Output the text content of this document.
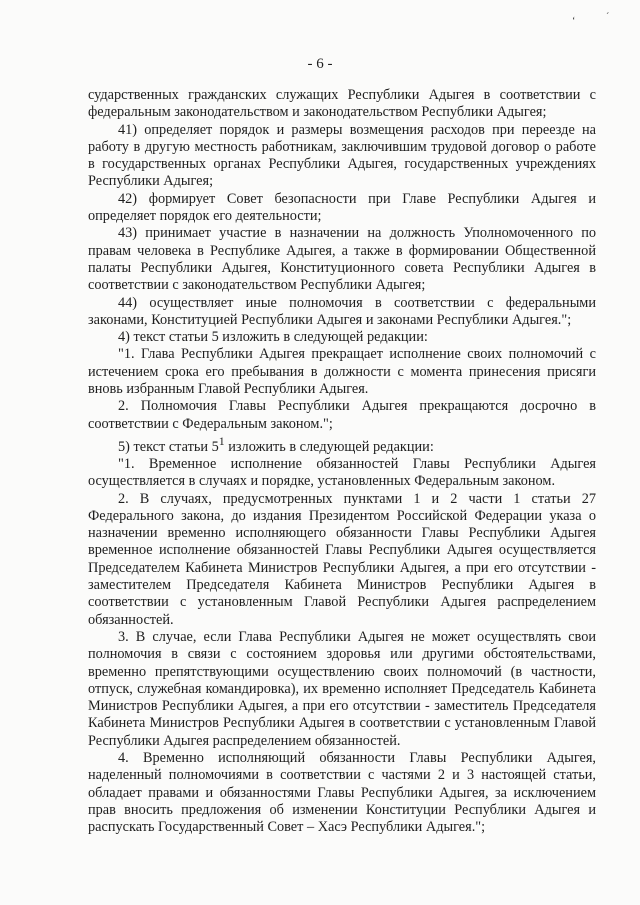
ʻ	´
- 6 -

сударственных гражданских служащих Республики Адыгея в соответствии с федеральным законодательством и законодательством Республики Адыгея;

41) определяет порядок и размеры возмещения расходов при переезде на работу в другую местность работникам, заключившим трудовой договор о работе в государственных органах Республики Адыгея, государственных учреждениях Республики Адыгея;

42) формирует Совет безопасности при Главе Республики Адыгея и определяет порядок его деятельности;

43) принимает участие в назначении на должность Уполномоченного по правам человека в Республике Адыгея, а также в формировании Общественной палаты Республики Адыгея, Конституционного совета Республики Адыгея в соответствии с законодательством Республики Адыгея;

44) осуществляет иные полномочия в соответствии с федеральными законами, Конституцией Республики Адыгея и законами Республики Адыгея.";

4) текст статьи 5 изложить в следующей редакции:

"1. Глава Республики Адыгея прекращает исполнение своих полномочий с истечением срока его пребывания в должности с момента принесения присяги вновь избранным Главой Республики Адыгея.

2. Полномочия Главы Республики Адыгея прекращаются досрочно в соответствии с Федеральным законом.";

5) текст статьи $5^1$ изложить в следующей редакции:

"1. Временное исполнение обязанностей Главы Республики Адыгея осуществляется в случаях и порядке, установленных Федеральным законом.

2. В случаях, предусмотренных пунктами 1 и 2 части 1 статьи 27 Федерального закона, до издания Президентом Российской Федерации указа о назначении временно исполняющего обязанности Главы Республики Адыгея временное исполнение обязанностей Главы Республики Адыгея осуществляется Председателем Кабинета Министров Республики Адыгея, а при его отсутствии - заместителем Председателя Кабинета Министров Республики Адыгея в соответствии с установленным Главой Республики Адыгея распределением обязанностей.

3. В случае, если Глава Республики Адыгея не может осуществлять свои полномочия в связи с состоянием здоровья или другими обстоятельствами, временно препятствующими осуществлению своих полномочий (в частности, отпуск, служебная командировка), их временно исполняет Председатель Кабинета Министров Республики Адыгея, а при его отсутствии - заместитель Председателя Кабинета Министров Республики Адыгея в соответствии с установленным Главой Республики Адыгея распределением обязанностей.

4. Временно исполняющий обязанности Главы Республики Адыгея, наделенный полномочиями в соответствии с частями 2 и 3 настоящей статьи, обладает правами и обязанностями Главы Республики Адыгея, за исключением прав вносить предложения об изменении Конституции Республики Адыгея и распускать Государственный Совет – Хасэ Республики Адыгея.";
